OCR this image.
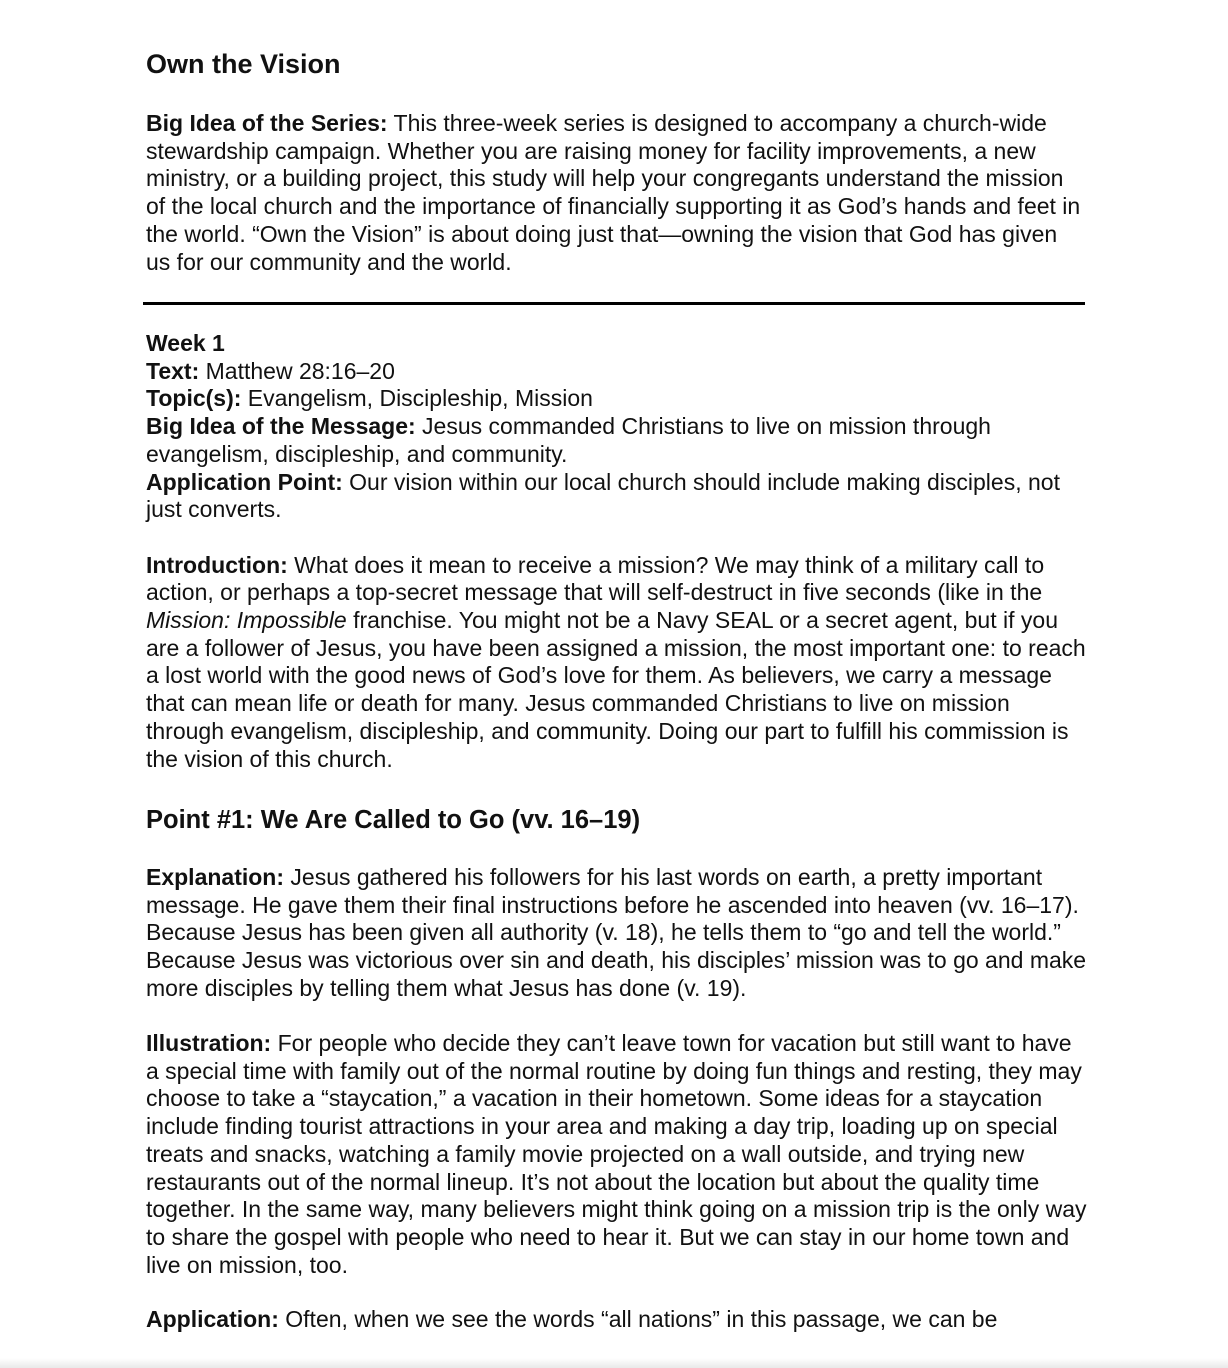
Own the Vision

Big Idea of the Series: This three-week series is designed to accompany a church-wide stewardship campaign. Whether you are raising money for facility improvements, a new ministry, or a building project, this study will help your congregants understand the mission of the local church and the importance of financially supporting it as God’s hands and feet in the world. “Own the Vision” is about doing just that—owning the vision that God has given us for our community and the world.

Week 1

Text: Matthew 28:16–20

Topic(s): Evangelism, Discipleship, Mission

Big Idea of the Message: Jesus commanded Christians to live on mission through evangelism, discipleship, and community.

Application Point: Our vision within our local church should include making disciples, not just converts.

Introduction: What does it mean to receive a mission? We may think of a military call to action, or perhaps a top-secret message that will self-destruct in five seconds (like in the Mission: Impossible franchise. You might not be a Navy SEAL or a secret agent, but if you are a follower of Jesus, you have been assigned a mission, the most important one: to reach a lost world with the good news of God’s love for them. As believers, we carry a message that can mean life or death for many. Jesus commanded Christians to live on mission through evangelism, discipleship, and community. Doing our part to fulfill his commission is the vision of this church.

Point #1: We Are Called to Go (vv. 16–19)

Explanation: Jesus gathered his followers for his last words on earth, a pretty important message. He gave them their final instructions before he ascended into heaven (vv. 16–17). Because Jesus has been given all authority (v. 18), he tells them to “go and tell the world.” Because Jesus was victorious over sin and death, his disciples’ mission was to go and make more disciples by telling them what Jesus has done (v. 19).

Illustration: For people who decide they can’t leave town for vacation but still want to have a special time with family out of the normal routine by doing fun things and resting, they may choose to take a “staycation,” a vacation in their hometown. Some ideas for a staycation include finding tourist attractions in your area and making a day trip, loading up on special treats and snacks, watching a family movie projected on a wall outside, and trying new restaurants out of the normal lineup. It’s not about the location but about the quality time together. In the same way, many believers might think going on a mission trip is the only way to share the gospel with people who need to hear it. But we can stay in our home town and live on mission, too.

Application: Often, when we see the words “all nations” in this passage, we can be
